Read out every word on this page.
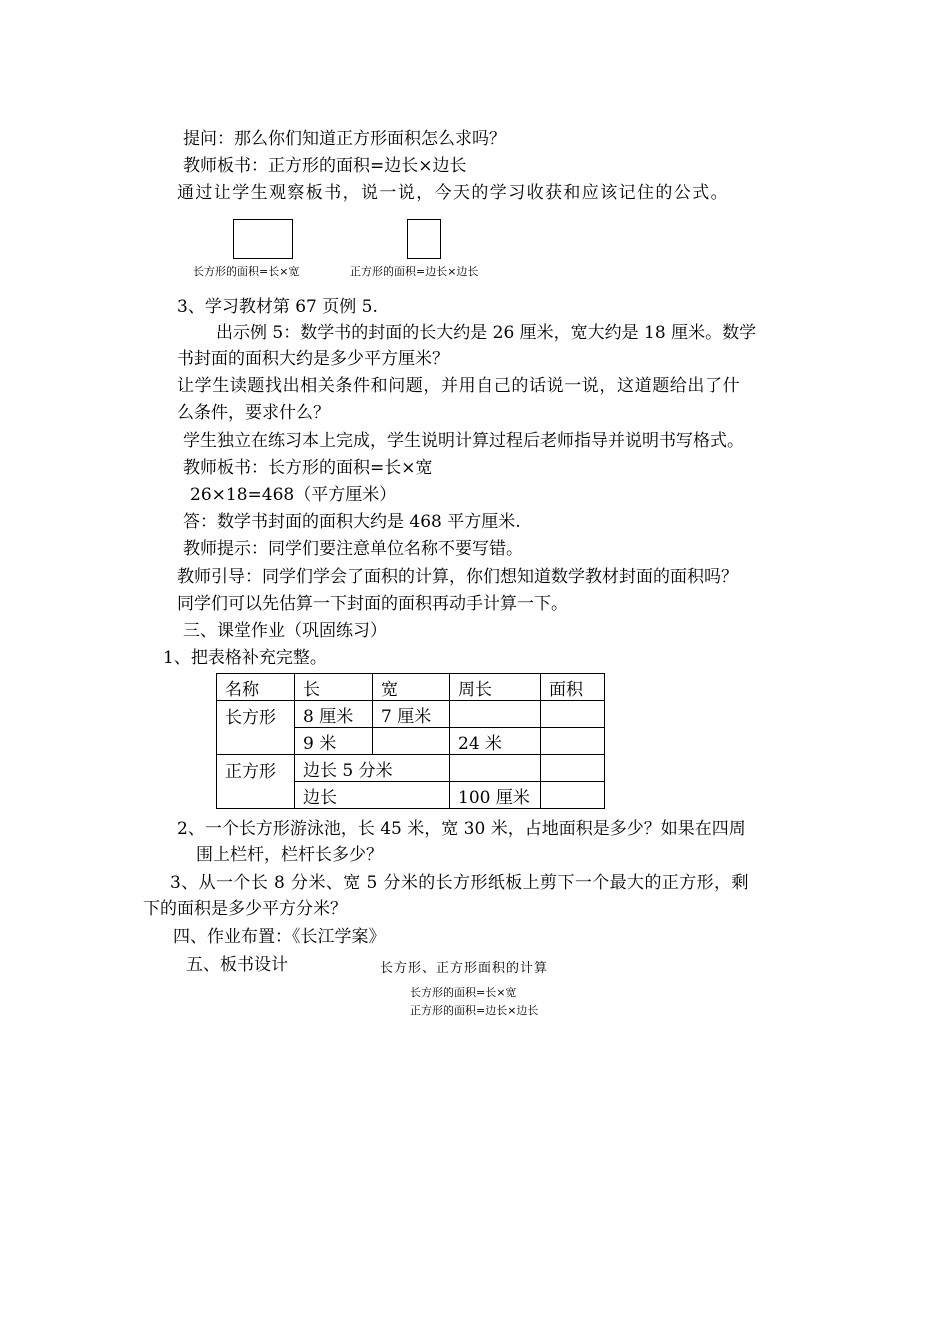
提问：那么你们知道正方形面积怎么求吗？
教师板书：正方形的面积=边长×边长
通过让学生观察板书，说一说，今天的学习收获和应该记住的公式。
长方形的面积=长×宽	正方形的面积=边长×边长
3、学习教材第 67 页例 5.
出示例 5：数学书的封面的长大约是 26 厘米，宽大约是 18 厘米。数学
书封面的面积大约是多少平方厘米？
让学生读题找出相关条件和问题，并用自己的话说一说，这道题给出了什
么条件，要求什么？
学生独立在练习本上完成，学生说明计算过程后老师指导并说明书写格式。
教师板书：长方形的面积=长×宽
26×18=468（平方厘米）
答：数学书封面的面积大约是 468 平方厘米.
教师提示：同学们要注意单位名称不要写错。
教师引导：同学们学会了面积的计算，你们想知道数学教材封面的面积吗？
同学们可以先估算一下封面的面积再动手计算一下。
三、课堂作业（巩固练习）
1、把表格补充完整。
名称	长	宽	周长	面积
长方形	8 厘米	7 厘米		
	9 米		24 米	
正方形	边长 5 分米			
	边长		100 厘米	
2、一个长方形游泳池，长 45 米，宽 30 米，占地面积是多少？如果在四周
围上栏杆，栏杆长多少？
3、从一个长 8 分米、宽 5 分米的长方形纸板上剪下一个最大的正方形，剩
下的面积是多少平方分米？
四、作业布置：《长江学案》
五、板书设计	长方形、正方形面积的计算
长方形的面积=长×宽
正方形的面积=边长×边长
